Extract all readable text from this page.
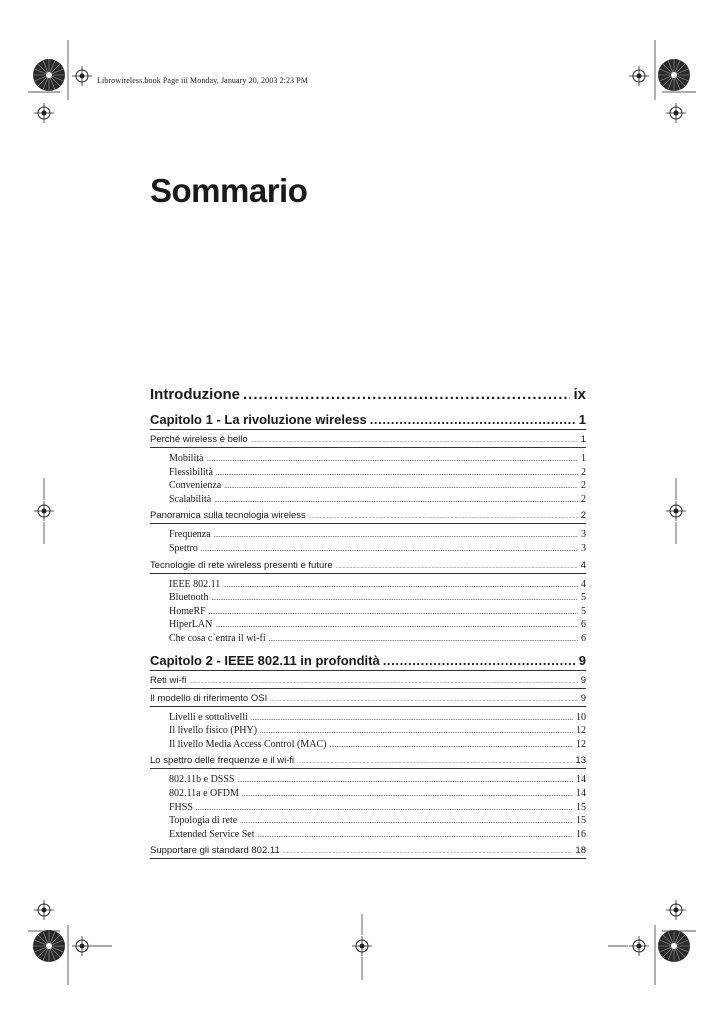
Librowireless.book Page iii Monday, January 20, 2003 2:23 PM
Sommario
Introduzione .....	ix
Capitolo 1 - La rivoluzione wireless .....	1
Perché wireless è bello .....	1
Mobilità .....	1
Flessibilità .....	2
Convenienza .....	2
Scalabilità .....	2
Panoramica sulla tecnologia wireless .....	2
Frequenza .....	3
Spettro .....	3
Tecnologie di rete wireless presenti e future .....	4
IEEE 802.11 .....	4
Bluetooth .....	5
HomeRF .....	5
HiperLAN .....	6
Che cosa c`entra il wi-fi .....	6
Capitolo 2 - IEEE 802.11 in profondità .....	9
Reti wi-fi .....	9
Il modello di riferimento OSI .....	9
Livelli e sottolivelli .....	10
Il livello fisico (PHY) .....	12
Il livello Media Access Control (MAC) .....	12
Lo spettro delle frequenze e il wi-fi .....	13
802.11b e DSSS .....	14
802.11a e OFDM .....	14
FHSS .....	15
Topologia di rete .....	15
Extended Service Set .....	16
Supportare gli standard 802.11 .....	18
